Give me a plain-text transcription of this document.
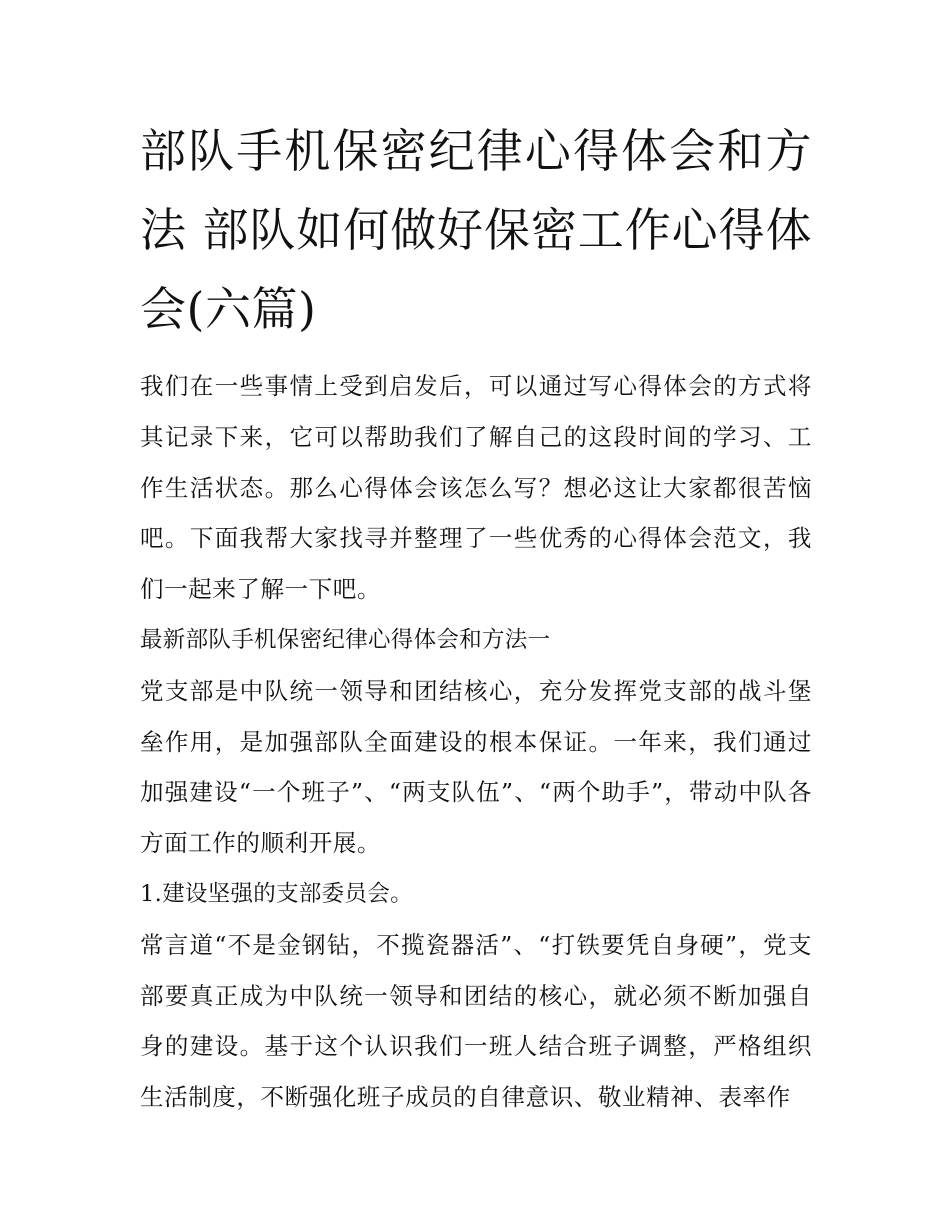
部队手机保密纪律心得体会和方法 部队如何做好保密工作心得体会(六篇)

我们在一些事情上受到启发后，可以通过写心得体会的方式将其记录下来，它可以帮助我们了解自己的这段时间的学习、工作生活状态。那么心得体会该怎么写？想必这让大家都很苦恼吧。下面我帮大家找寻并整理了一些优秀的心得体会范文，我们一起来了解一下吧。

最新部队手机保密纪律心得体会和方法一

党支部是中队统一领导和团结核心，充分发挥党支部的战斗堡垒作用，是加强部队全面建设的根本保证。一年来，我们通过加强建设“一个班子”、“两支队伍”、“两个助手”，带动中队各方面工作的顺利开展。

1.建设坚强的支部委员会。

常言道“不是金钢钻，不揽瓷器活”、“打铁要凭自身硬”，党支部要真正成为中队统一领导和团结的核心，就必须不断加强自身的建设。基于这个认识我们一班人结合班子调整，严格组织生活制度，不断强化班子成员的自律意识、敬业精神、表率作
